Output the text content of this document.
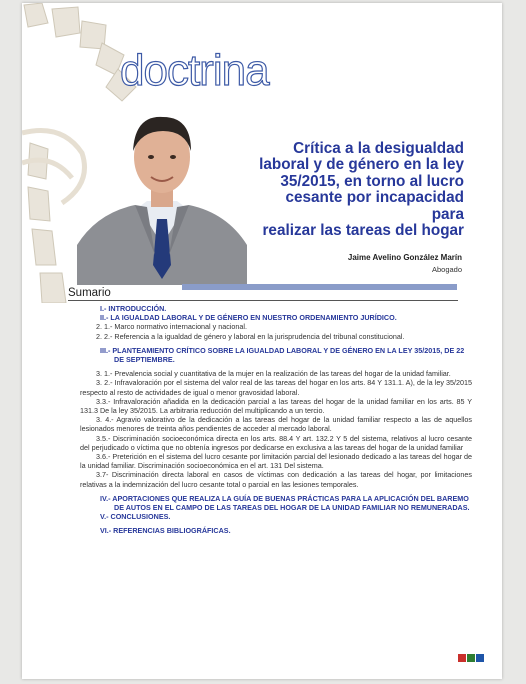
doctrina
Crítica a la desigualdad
laboral y de género en la ley
35/2015, en torno al lucro
cesante por incapacidad para
realizar las tareas del hogar
Jaime Avelino González Marín
Abogado
Sumario
I.- INTRODUCCIÓN.
II.- LA IGUALDAD LABORAL Y DE GÉNERO EN NUESTRO ORDENAMIENTO JURÍDICO.
2. 1.- Marco normativo internacional y nacional.
2. 2.- Referencia a la igualdad de género y laboral en la jurisprudencia del tribunal constitucional.
III.- PLANTEAMIENTO CRÍTICO SOBRE LA IGUALDAD LABORAL Y DE GÉNERO EN LA LEY 35/2015, DE 22 DE SEPTIEMBRE.
3. 1.- Prevalencia social y cuantitativa de la mujer en la realización de las tareas del hogar de la unidad familiar.
3. 2.- Infravaloración por el sistema del valor real de las tareas del hogar en los arts. 84 Y 131.1. A), de la ley 35/2015 respecto al resto de actividades de igual o menor gravosidad laboral.
3.3.- Infravaloración añadida en la dedicación parcial a las tareas del hogar de la unidad familiar en los arts. 85 Y 131.3 De la ley 35/2015. La arbitraria reducción del multiplicando a un tercio.
3. 4.- Agravio valorativo de la dedicación a las tareas del hogar de la unidad familiar respecto a las de aquellos lesionados menores de treinta años pendientes de acceder al mercado laboral.
3.5.- Discriminación socioeconómica directa en los arts. 88.4 Y art. 132.2 Y 5 del sistema, relativos al lucro cesante del perjudicado o víctima que no obtenía ingresos por dedicarse en exclusiva a las tareas del hogar de la unidad familiar
3.6.- Preterición en el sistema del lucro cesante por limitación parcial del lesionado dedicado a las tareas del hogar de la unidad familiar. Discriminación socioeconómica en el art. 131 Del sistema.
3.7- Discriminación directa laboral en casos de víctimas con dedicación a las tareas del hogar, por limitaciones relativas a la indemnización del lucro cesante total o parcial en las lesiones temporales.
IV.- APORTACIONES QUE REALIZA LA GUÍA DE BUENAS PRÁCTICAS PARA LA APLICACIÓN DEL BAREMO DE AUTOS EN EL CAMPO DE LAS TAREAS DEL HOGAR DE LA UNIDAD FAMILIAR NO REMUNERADAS.
V.- CONCLUSIONES.
VI.- REFERENCIAS BIBLIOGRÁFICAS.
